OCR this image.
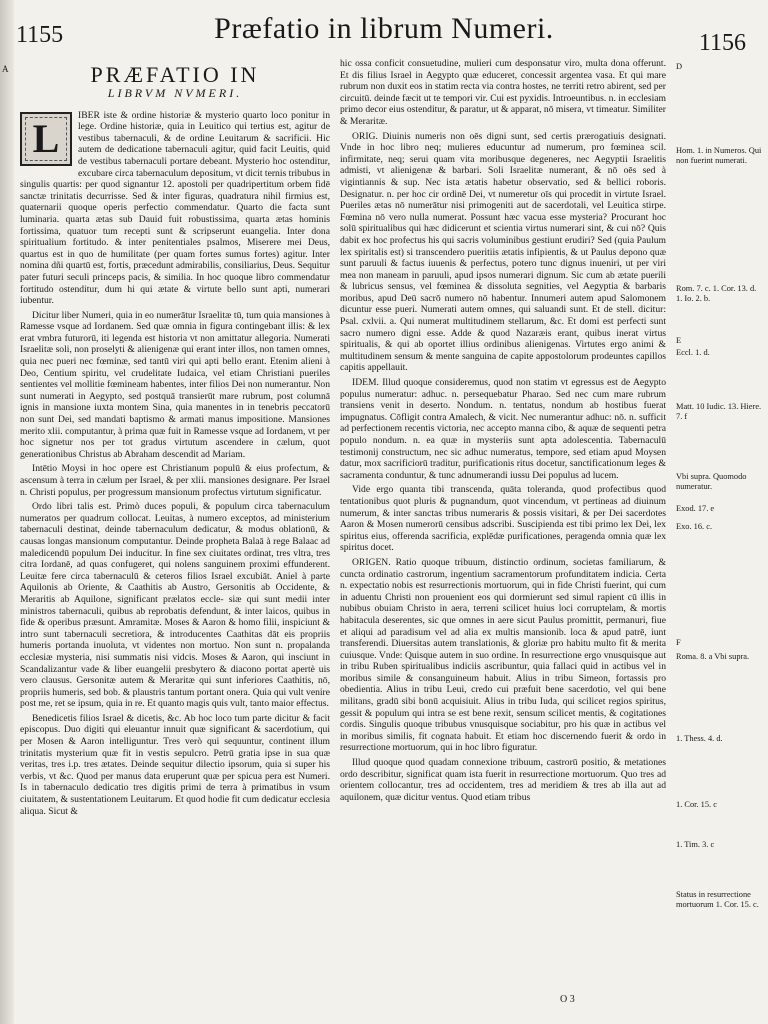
1155	Præfatio in librum Numeri.	1156
A	PRÆFATIO IN
LIBRVM NVMERI.
L

IBER iste & ordine historiæ & mysterio quarto loco ponitur in lege. Ordine historiæ, quia in Leuitico qui tertius est, agitur de vestibus tabernaculi, & de ordine Leuitarum & sacrificii. Hic autem de dedicatione tabernaculi agitur, quid facit Leuitis, quid de vestibus tabernaculi portare debeant. Mysterio hoc ostenditur, excubare circa tabernaculum depositum, vt dicit ternis tribubus in singulis quartis: per quod signantur 12. apostoli per quadripertitum orbem fidē sanctæ trinitatis decurrisse. Sed & inter figuras, quadratura nihil firmius est, quaternarii quoque operis perfectio commendatur. Quarto die facta sunt luminaria. quarta ætas sub Dauid fuit robustissima, quarta ætas hominis fortissima, quatuor tum recepti sunt & scripserunt euangelia. Inter dona spiritualium fortitudo. & inter penitentiales psalmos, Miserere mei Deus, quartus est in quo de humilitate (per quam fortes sumus fortes) agitur. Inter nomina dñi quartū est, fortis, præcedunt admirabilis, consiliarius, Deus. Sequitur pater futuri seculi princeps pacis, & similia. In hoc quoque libro commendatur fortitudo ostenditur, dum hi qui ætate & virtute bello sunt apti, numerari iubentur.

Dicitur liber Numeri, quia in eo numerātur Israelitæ tū, tum quia mansiones à Ramesse vsque ad Iordanem. Sed quæ omnia in figura contingebant illis: & lex erat vmbra futurorū, iti legenda est historia vt non amittatur allegoria. Numerati Israelitæ soli, non proselyti & alienigenæ qui erant inter illos, non tamen omnes, quia nec pueri nec fœminæ, sed tantū viri qui apti bello erant. Etenim alieni à Deo, Centium spiritu, vel crudelitate Iudaica, vel etiam Christiani pueriles sentientes vel mollitie fœmineam habentes, inter filios Dei non numerantur. Non sunt numerati in Aegypto, sed postquā transierūt mare rubrum, post columnā ignis in mansione iuxta montem Sina, quia manentes in in tenebris peccatorū non sunt Dei, sed mandati baptismo & armati manus impositione. Mansiones merito xlii. computantur, à prima quæ fuit in Ramesse vsque ad Iordanem, vt per hoc signetur nos per tot gradus virtutum ascendere in cælum, quot generationibus Christus ab Abraham descendit ad Mariam.

Intētio Moysi in hoc opere est Christianum populū & eius profectum, & ascensum à terra in cælum per Israel, & per xlii. mansiones designare. Per Israel n. Christi populus, per progressum mansionum profectus virtutum significatur.

Ordo libri talis est. Primò duces populi, & populum circa tabernaculum numeratos per quadrum collocat. Leuitas, à numero exceptos, ad ministerium tabernaculi destinat, deinde tabernaculum dedicatur, & modus oblationū, & causas longas mansionum computantur. Deinde propheta Balaā à rege Balaac ad maledicendū populum Dei inducitur. In fine sex ciuitates ordinat, tres vltra, tres citra Iordanē, ad quas confugeret, qui nolens sanguinem proximi effunderent. Leuitæ fere circa tabernaculū & ceteros filios Israel excubiāt. Aniel à parte Aquilonis ab Oriente, & Caathitis ab Austro, Gersonitis ab Occidente, & Meraritis ab Aquilone, significant prælatos eccle- siæ qui sunt medii inter ministros tabernaculi, quibus ab reprobatis defendunt, & inter laicos, quibus in fide & operibus præsunt. Amramitæ. Moses & Aaron & homo filii, inspiciunt & intro sunt tabernaculi secretiora, & introducentes Caathitas dāt eis propriis humeris portanda inuoluta, vt videntes non mortuo. Non sunt n. propalanda ecclesiæ mysteria, nisi summatis nisi vidcis. Moses & Aaron, qui insciunt in Scandalizantur vade & liber euangelii presbytero & diacono portat apertè uis vero clausus. Gersonitæ autem & Meraritæ qui sunt inferiores Caathitis, nō, propriis humeris, sed bob. & plaustris tantum portant onera. Quia qui vult venire post me, ret se ipsum, quia in re. Et quanto magis quis vult, tanto maior effectus.

Benedicetis filios Israel & dicetis, &c. Ab hoc loco tum parte dicitur & facit episcopus. Duo digiti qui eleuantur innuit quæ significant & sacerdotium, qui per Mosen & Aaron intelliguntur. Tres verò qui sequuntur, continent illum trinitatis mysterium quæ fit in vestis sepulcro. Petrū gratia ipse in sua quæ veritas, tres i.p. tres ætates. Deinde sequitur dilectio ipsorum, quia si super his verbis, vt &c. Quod per manus data eruperunt quæ per spicua pera est Numeri. Is in tabernaculo dedicatio tres digitis primi de terra à primatibus in vsum ciuitatem, & sustentationem Leuitarum. Et quod hodie fit cum dedicatur ecclesia aliqua. Sicut &

hic ossa conficit consuetudine, mulieri cum desponsatur viro, multa dona offerunt. Et dis filius Israel in Aegypto quæ educeret, concessit argentea vasa. Et qui mare rubrum non duxit eos in statim recta via contra hostes, ne territi retro abirent, sed per circuitū. deinde fæcit ut te tempori vir. Cui est pyxidis. Introeuntibus. n. in ecclesiam primo decor eius ostenditur, & paratur, ut & apparat, nō misera, vt timeatur. Similiter & Meraritæ.

ORIG. Diuinis numeris non oēs digni sunt, sed certis prærogatiuis designati. Vnde in hoc libro neq; mulieres educuntur ad numerum, pro fœminea scil. infirmitate, neq; serui quam vita moribusque degeneres, nec Aegyptii Israelitis admisti, vt alienigenæ & barbari. Soli Israelitæ numerant, & nō oēs sed à vigintiannis & sup. Nec ista ætatis habetur observatio, sed & bellici roboris. Designatur. n. per hoc cir ordinē Dei, vt numeretur oīs qui procedit in virtute Israel. Pueriles ætas nō numerātur nisi primogeniti aut de sacerdotali, vel Leuitica stirpe. Fœmina nō vero nulla numerat. Possunt hæc vacua esse mysteria? Procurant hoc solū spiritualibus qui hæc didicerunt et scientia virtus numerari sint, & cui nō? Quis dabit ex hoc profectus his qui sacris voluminibus gestiunt erudiri? Sed (quia Paulum lex spiritalis est) si transcendero pueritiis ætatis infipientis, & ut Paulus depono quæ sunt paruuli & factus iuuenis & perfectus, potero tunc dignus inueniri, ut per viri mea non maneam in paruuli, apud ipsos numerari dignum. Sic cum ab ætate puerili & lubricus sensus, vel fœminea & dissoluta segnities, vel Aegyptia & barbaris moribus, apud Deū sacrō numero nō habentur. Innumeri autem apud Salomonem dicuntur esse pueri. Numerati autem omnes, qui saluandi sunt. Et de stell. dicitur: Psal. cxlvii. a. Qui numerat multitudinem stellarum, &c. Et domi est perfecti sunt sacro numero digni esse. Adde & quod Nazaræis erant, quibus inerat virtus spiritualis, & qui ab oportet illius ordinibus alienigenas. Virtutes ergo animi & multitudinem sensum & mente sanguina de capite appostolorum prodeuntes capillos capitis appellauit.

IDEM. Illud quoque consideremus, quod non statim vt egressus est de Aegypto populus numeratur: adhuc. n. persequebatur Pharao. Sed nec cum mare rubrum transiens venit in deserto. Nondum. n. tentatus, nondum ab hostibus fuerat impugnatus. Cōfligit contra Amalech, & vicit. Nec numerantur adhuc: nō. n. sufficit ad perfectionem recentis victoria, nec accepto manna cibo, & aquæ de sequenti petra populo nondum. n. ea quæ in mysteriis sunt apta adolescentia. Tabernaculū testimonij constructum, nec sic adhuc numeratus, tempore, sed etiam apud Moysen datur, mox sacrificiorū traditur, purificationis ritus docetur, sanctificationum leges & sacramenta conduntur, & tunc adnumerandi iussu Dei populus ad lucem.

Vide ergo quanta tibi transcenda, quāta toleranda, quod profectibus quod tentationibus quot pluris & pugnandum, quot vincendum, vt pertineas ad diuinum numerum, & inter sanctas tribus numeraris & possis visitari, & per Dei sacerdotes Aaron & Mosen numerorū censibus adscribi. Suscipienda est tibi primo lex Dei, lex spiritus eius, offerenda sacrificia, explēdæ purificationes, peragenda omnia quæ lex spiritus docet.

ORIGEN. Ratio quoque tribuum, distinctio ordinum, societas familiarum, & cuncta ordinatio castrorum, ingentium sacramentorum profunditatem indicia. Certa n. expectatio nobis est resurrectionis mortuorum, qui in fide Christi fuerint, qui cum in aduentu Christi non prouenient eos qui dormierunt sed simul rapient cū illis in nubibus obuiam Christo in aera, terreni scilicet huius loci corruptelam, & mortis habitacula deserentes, sic que omnes in aere sicut Paulus promittit, permanuri, fiue et aliqui ad paradisum vel ad alia ex multis mansionib. loca & apud patrē, iunt transferendi. Diuersitas autem translationis, & gloriæ pro habitu multo fit & merita cuiusque. Vnde: Quisque autem in suo ordine. In resurrectione ergo vnusquisque aut in tribu Ruben spiritualibus indiciis ascribuntur, quia fallaci quid in actibus vel in moribus simile & consanguineum habuit. Alius in tribu Simeon, fortassis pro obedientia. Alius in tribu Leui, credo cui præfuit bene sacerdotio, vel qui bene militans, gradū sibi bonū acquisiuit. Alius in tribu Iuda, qui scilicet regios spiritus, gessit & populum qui intra se est bene rexit, sensum scilicet mentis, & cogitationes cordis. Singulis quoque tribubus vnusquisque sociabitur, pro his quæ in actibus vel in moribus similis, fit cognata habuit. Et etiam hoc discernendo fuerit & ordo in resurrectione mortuorum, qui in hoc libro figuratur.

Illud quoque quod quadam connexione tribuum, castrorū positio, & metationes ordo describitur, significat quam ista fuerit in resurrectione mortuorum. Quo tres ad orientem collocantur, tres ad occidentem, tres ad meridiem & tres ab illa aut ad aquilonem, quæ dicitur ventus. Quod etiam tribus

O 3
D
Hom. 1. in Numeros. Qui non fuerint numerati.
Rom. 7. c. 1. Cor. 13. d. 1. Io. 2. b.
E
Eccl. 1. d.
Matt. 10 Iudic. 13. Hiere. 7. f
Vbi supra. Quomodo numeratur.
Exod. 17. e
Exo. 16. c.
F
Roma. 8. a Vbi supra.
1. Thess. 4. d.
1. Cor. 15. c
1. Tim. 3. c
Status in resurrectione mortuorum 1. Cor. 15. c.
